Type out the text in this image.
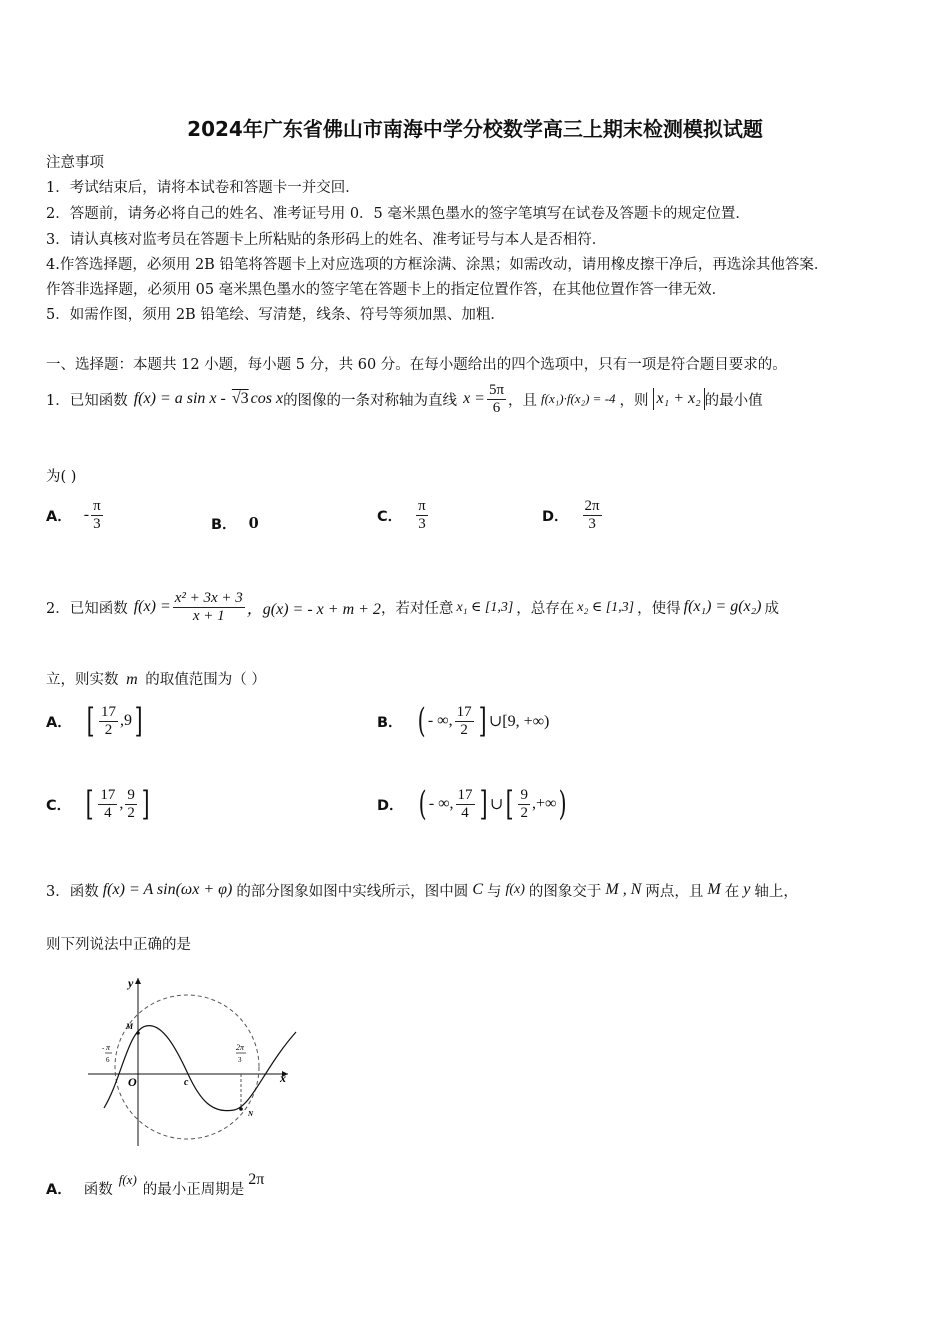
2024年广东省佛山市南海中学分校数学高三上期末检测模拟试题
注意事项
1．考试结束后，请将本试卷和答题卡一并交回．
2．答题前，请务必将自己的姓名、准考证号用 0．5 毫米黑色墨水的签字笔填写在试卷及答题卡的规定位置．
3．请认真核对监考员在答题卡上所粘贴的条形码上的姓名、准考证号与本人是否相符．
4.作答选择题，必须用 2B 铅笔将答题卡上对应选项的方框涂满、涂黑；如需改动，请用橡皮擦干净后，再选涂其他答案．
作答非选择题，必须用 05 毫米黑色墨水的签字笔在答题卡上的指定位置作答，在其他位置作答一律无效．
5．如需作图，须用 2B 铅笔绘、写清楚，线条、符号等须加黑、加粗．
一、选择题：本题共 12 小题，每小题 5 分，共 60 分。在每小题给出的四个选项中，只有一项是符合题目要求的。
1．已知函数 f(x) = a sin x - √3 cos x 的图像的一条对称轴为直线 $x = \frac{5\pi}{6}$ ，且 f(x₁)·f(x₂) = -4 ，则 x₁ + x₂ 的最小值
为( )
A． - $\frac{\pi}{3}$	B． 0	C． $\frac{\pi}{3}$	D． $\frac{2\pi}{3}$
2．已知函数 $f(x) = \frac{\text{x² + 3x + 3}}{x + 1}$ ，g(x) = - x + m + 2 ，若对任意 x₁ ∈ [1,3] ，总存在 x₂ ∈ [1,3] ，使得 f(x₁) = g(x₂) 成
立，则实数 m 的取值范围为（ ）
A． [ $\frac{17}{2} ,9$ ]	B． ( - ∞, $\frac{17}{2}$ ] ∪[9, +∞)
C． [ $\frac{17}{4}$ , $\frac{9}{2}$ ]	D． ( - ∞, $\frac{17}{4}$ ] ∪ [ $\frac{9}{2}$ ,+∞ )
3．函数 f(x) = A sin(ωx + φ) 的部分图象如图中实线所示，图中圆 C 与 f(x) 的图象交于 M , N 两点，且 M 在 y 轴上，
则下列说法中正确的是
y
x
O	c
M
N
- π
6
2π
3
A． 函数
f(x)
的最小正周期是
2π
